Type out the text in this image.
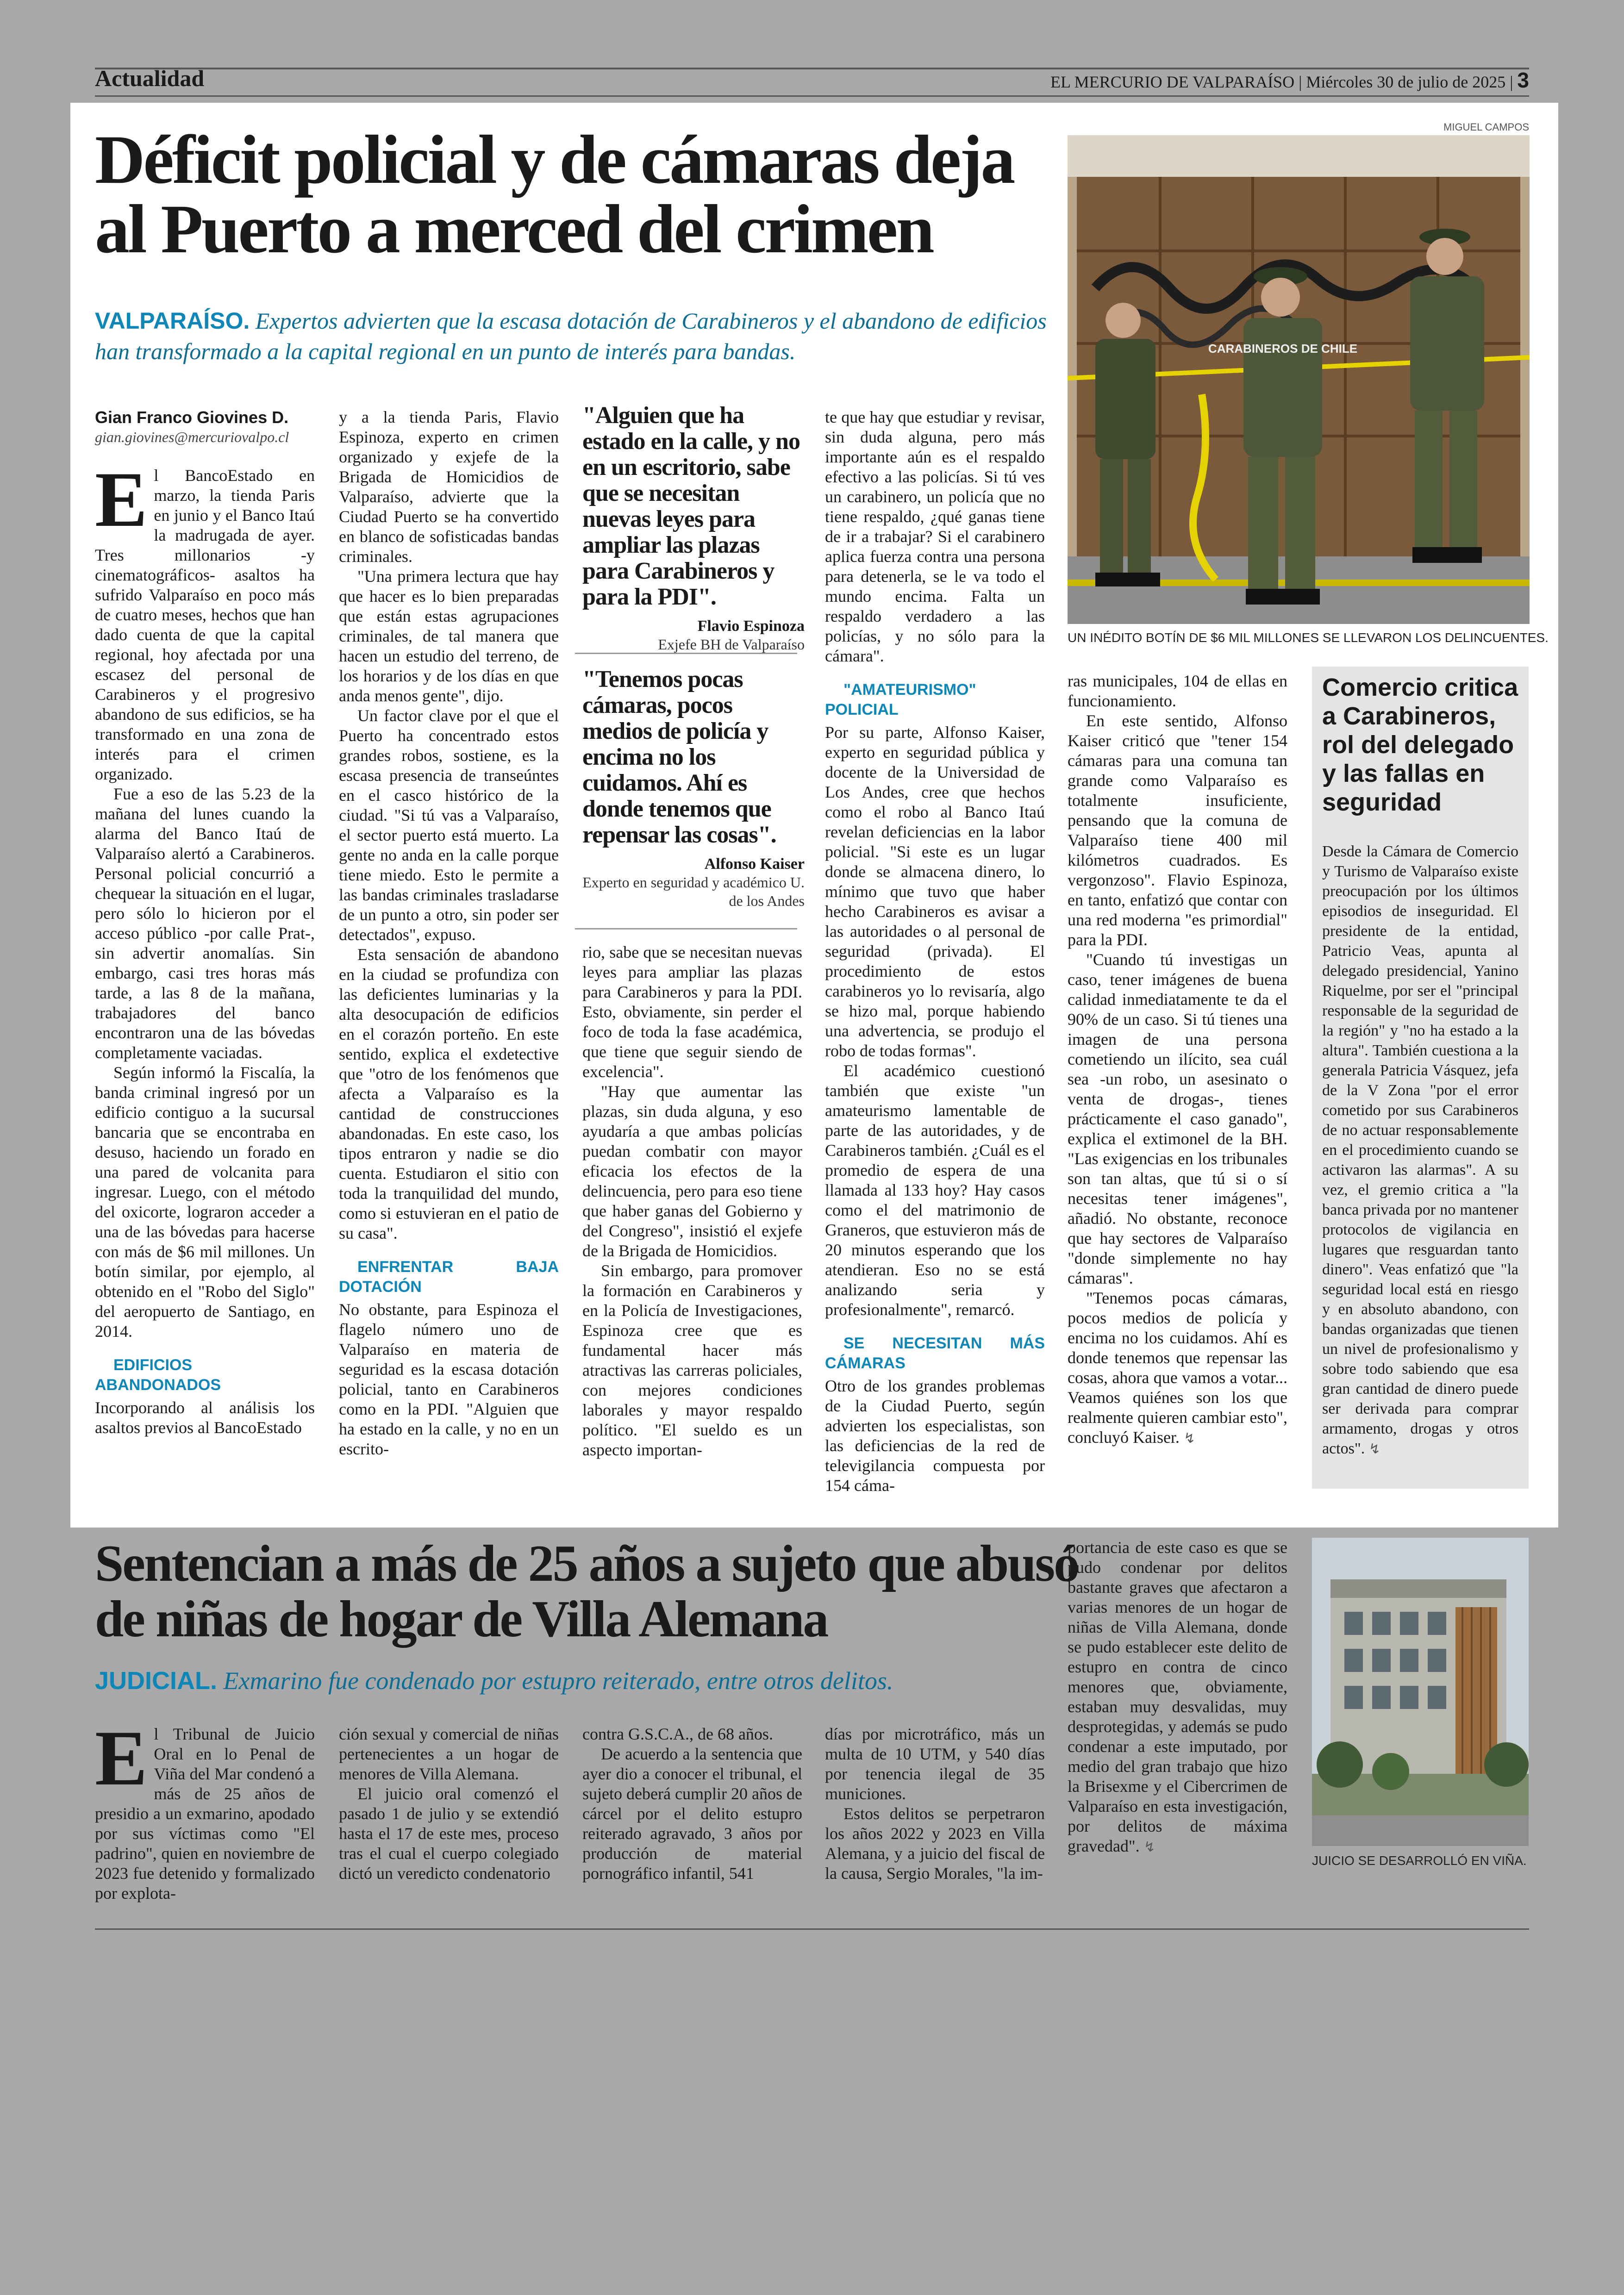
Actualidad	EL MERCURIO DE VALPARAÍSO | Miércoles 30 de julio de 2025 | 3
Déficit policial y de cámaras deja al Puerto a merced del crimen
VALPARAÍSO. Expertos advierten que la escasa dotación de Carabineros y el abandono de edificios han transformado a la capital regional en un punto de interés para bandas.
Gian Franco Giovines D.
gian.giovines@mercuriovalpo.cl

El BancoEstado en marzo, la tienda Paris en junio y el Banco Itaú la madrugada de ayer. Tres millonarios -y cinematográficos- asaltos ha sufrido Valparaíso en poco más de cuatro meses, hechos que han dado cuenta de que la capital regional, hoy afectada por una escasez del personal de Carabineros y el progresivo abandono de sus edificios, se ha transformado en una zona de interés para el crimen organizado.

Fue a eso de las 5.23 de la mañana del lunes cuando la alarma del Banco Itaú de Valparaíso alertó a Carabineros. Personal policial concurrió a chequear la situación en el lugar, pero sólo lo hicieron por el acceso público -por calle Prat-, sin advertir anomalías. Sin embargo, casi tres horas más tarde, a las 8 de la mañana, trabajadores del banco encontraron una de las bóvedas completamente vaciadas.

Según informó la Fiscalía, la banda criminal ingresó por un edificio contiguo a la sucursal bancaria que se encontraba en desuso, haciendo un forado en una pared de volcanita para ingresar. Luego, con el método del oxicorte, lograron acceder a una de las bóvedas para hacerse con más de $6 mil millones. Un botín similar, por ejemplo, al obtenido en el "Robo del Siglo" del aeropuerto de Santiago, en 2014.

EDIFICIOS ABANDONADOS

Incorporando al análisis los asaltos previos al BancoEstado

y a la tienda Paris, Flavio Espinoza, experto en crimen organizado y exjefe de la Brigada de Homicidios de Valparaíso, advierte que la Ciudad Puerto se ha convertido en blanco de sofisticadas bandas criminales.

"Una primera lectura que hay que hacer es lo bien preparadas que están estas agrupaciones criminales, de tal manera que hacen un estudio del terreno, de los horarios y de los días en que anda menos gente", dijo.

Un factor clave por el que el Puerto ha concentrado estos grandes robos, sostiene, es la escasa presencia de transeúntes en el casco histórico de la ciudad. "Si tú vas a Valparaíso, el sector puerto está muerto. La gente no anda en la calle porque tiene miedo. Esto le permite a las bandas criminales trasladarse de un punto a otro, sin poder ser detectados", expuso.

Esta sensación de abandono en la ciudad se profundiza con las deficientes luminarias y la alta desocupación de edificios en el corazón porteño. En este sentido, explica el exdetective que "otro de los fenómenos que afecta a Valparaíso es la cantidad de construcciones abandonadas. En este caso, los tipos entraron y nadie se dio cuenta. Estudiaron el sitio con toda la tranquilidad del mundo, como si estuvieran en el patio de su casa".

ENFRENTAR BAJA DOTACIÓN

No obstante, para Espinoza el flagelo número uno de Valparaíso en materia de seguridad es la escasa dotación policial, tanto en Carabineros como en la PDI. "Alguien que ha estado en la calle, y no en un escrito-

"Alguien que ha estado en la calle, y no en un escritorio, sabe que se necesitan nuevas leyes para ampliar las plazas para Carabineros y para la PDI".
Flavio Espinoza
Exjefe BH de Valparaíso
"Tenemos pocas cámaras, pocos medios de policía y encima no los cuidamos. Ahí es donde tenemos que repensar las cosas".
Alfonso Kaiser
Experto en seguridad y académico U. de los Andes

rio, sabe que se necesitan nuevas leyes para ampliar las plazas para Carabineros y para la PDI. Esto, obviamente, sin perder el foco de toda la fase académica, que tiene que seguir siendo de excelencia".

"Hay que aumentar las plazas, sin duda alguna, y eso ayudaría a que ambas policías puedan combatir con mayor eficacia los efectos de la delincuencia, pero para eso tiene que haber ganas del Gobierno y del Congreso", insistió el exjefe de la Brigada de Homicidios.

Sin embargo, para promover la formación en Carabineros y en la Policía de Investigaciones, Espinoza cree que es fundamental hacer más atractivas las carreras policiales, con mejores condiciones laborales y mayor respaldo político. "El sueldo es un aspecto importan-

te que hay que estudiar y revisar, sin duda alguna, pero más importante aún es el respaldo efectivo a las policías. Si tú ves un carabinero, un policía que no tiene respaldo, ¿qué ganas tiene de ir a trabajar? Si el carabinero aplica fuerza contra una persona para detenerla, se le va todo el mundo encima. Falta un respaldo verdadero a las policías, y no sólo para la cámara".

"AMATEURISMO" POLICIAL

Por su parte, Alfonso Kaiser, experto en seguridad pública y docente de la Universidad de Los Andes, cree que hechos como el robo al Banco Itaú revelan deficiencias en la labor policial. "Si este es un lugar donde se almacena dinero, lo mínimo que tuvo que haber hecho Carabineros es avisar a las autoridades o al personal de seguridad (privada). El procedimiento de estos carabineros yo lo revisaría, algo se hizo mal, porque habiendo una advertencia, se produjo el robo de todas formas".

El académico cuestionó también que existe "un amateurismo lamentable de parte de las autoridades, y de Carabineros también. ¿Cuál es el promedio de espera de una llamada al 133 hoy? Hay casos como el del matrimonio de Graneros, que estuvieron más de 20 minutos esperando que los atendieran. Eso no se está analizando seria y profesionalmente", remarcó.

SE NECESITAN MÁS CÁMARAS

Otro de los grandes problemas de la Ciudad Puerto, según advierten los especialistas, son las deficiencias de la red de televigilancia compuesta por 154 cáma-

ras municipales, 104 de ellas en funcionamiento.

En este sentido, Alfonso Kaiser criticó que "tener 154 cámaras para una comuna tan grande como Valparaíso es totalmente insuficiente, pensando que la comuna de Valparaíso tiene 400 mil kilómetros cuadrados. Es vergonzoso". Flavio Espinoza, en tanto, enfatizó que contar con una red moderna "es primordial" para la PDI.

"Cuando tú investigas un caso, tener imágenes de buena calidad inmediatamente te da el 90% de un caso. Si tú tienes una imagen de una persona cometiendo un ilícito, sea cuál sea -un robo, un asesinato o venta de drogas-, tienes prácticamente el caso ganado", explica el extimonel de la BH. "Las exigencias en los tribunales son tan altas, que tú si o sí necesitas tener imágenes", añadió. No obstante, reconoce que hay sectores de Valparaíso "donde simplemente no hay cámaras".

"Tenemos pocas cámaras, pocos medios de policía y encima no los cuidamos. Ahí es donde tenemos que repensar las cosas, ahora que vamos a votar... Veamos quiénes son los que realmente quieren cambiar esto", concluyó Kaiser. ↯

MIGUEL CAMPOS
CARABINEROS DE CHILE
UN INÉDITO BOTÍN DE $6 MIL MILLONES SE LLEVARON LOS DELINCUENTES.
Comercio critica a Carabineros, rol del delegado y las fallas en seguridad

Desde la Cámara de Comercio y Turismo de Valparaíso existe preocupación por los últimos episodios de inseguridad. El presidente de la entidad, Patricio Veas, apunta al delegado presidencial, Yanino Riquelme, por ser el "principal responsable de la seguridad de la región" y "no ha estado a la altura". También cuestiona a la generala Patricia Vásquez, jefa de la V Zona "por el error cometido por sus Carabineros de no actuar responsablemente en el procedimiento cuando se activaron las alarmas". A su vez, el gremio critica a "la banca privada por no mantener protocolos de vigilancia en lugares que resguardan tanto dinero". Veas enfatizó que "la seguridad local está en riesgo y en absoluto abandono, con bandas organizadas que tienen un nivel de profesionalismo y sobre todo sabiendo que esa gran cantidad de dinero puede ser derivada para comprar armamento, drogas y otros actos". ↯

Sentencian a más de 25 años a sujeto que abusó de niñas de hogar de Villa Alemana
JUDICIAL. Exmarino fue condenado por estupro reiterado, entre otros delitos.

El Tribunal de Juicio Oral en lo Penal de Viña del Mar condenó a más de 25 años de presidio a un exmarino, apodado por sus víctimas como "El padrino", quien en noviembre de 2023 fue detenido y formalizado por explota-

ción sexual y comercial de niñas pertenecientes a un hogar de menores de Villa Alemana.

El juicio oral comenzó el pasado 1 de julio y se extendió hasta el 17 de este mes, proceso tras el cual el cuerpo colegiado dictó un veredicto condenatorio

contra G.S.C.A., de 68 años.

De acuerdo a la sentencia que ayer dio a conocer el tribunal, el sujeto deberá cumplir 20 años de cárcel por el delito estupro reiterado agravado, 3 años por producción de material pornográfico infantil, 541

días por microtráfico, más un multa de 10 UTM, y 540 días por tenencia ilegal de 35 municiones.

Estos delitos se perpetraron los años 2022 y 2023 en Villa Alemana, y a juicio del fiscal de la causa, Sergio Morales, "la im-

portancia de este caso es que se pudo condenar por delitos bastante graves que afectaron a varias menores de un hogar de niñas de Villa Alemana, donde se pudo establecer este delito de estupro en contra de cinco menores que, obviamente, estaban muy desvalidas, muy desprotegidas, y además se pudo condenar a este imputado, por medio del gran trabajo que hizo la Brisexme y el Cibercrimen de Valparaíso en esta investigación, por delitos de máxima gravedad". ↯

JUICIO SE DESARROLLÓ EN VIÑA.
